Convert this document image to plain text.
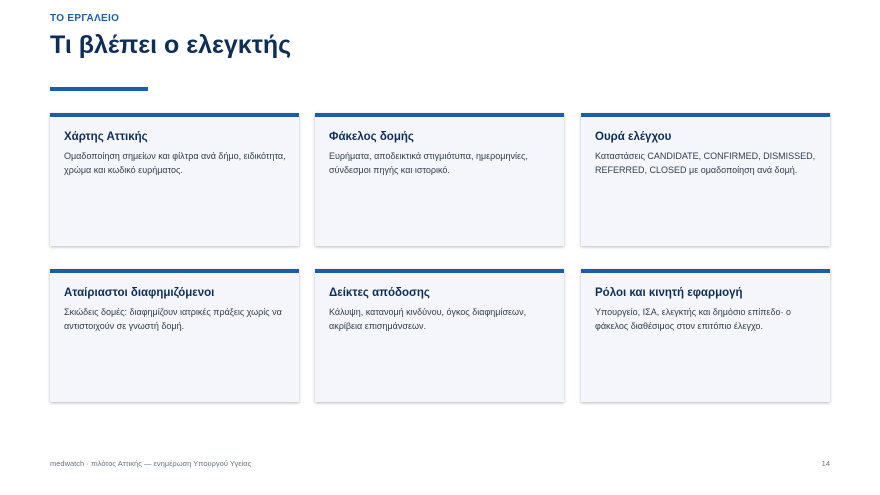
ΤΟ ΕΡΓΑΛΕΙΟ
Τι βλέπει ο ελεγκτής
Χάρτης Αττικής

Ομαδοποίηση σημείων και φίλτρα ανά δήμο, ειδικότητα, χρώμα και κωδικό ευρήματος.

Φάκελος δομής

Ευρήματα, αποδεικτικά στιγμιότυπα, ημερομηνίες, σύνδεσμοι πηγής και ιστορικό.

Ουρά ελέγχου

Καταστάσεις CANDIDATE, CONFIRMED, DISMISSED, REFERRED, CLOSED με ομαδοποίηση ανά δομή.

Αταίριαστοι διαφημιζόμενοι

Σκιώδεις δομές: διαφημίζουν ιατρικές πράξεις χωρίς να αντιστοιχούν σε γνωστή δομή.

Δείκτες απόδοσης

Κάλυψη, κατανομή κινδύνου, όγκος διαφημίσεων, ακρίβεια επισημάνσεων.

Ρόλοι και κινητή εφαρμογή

Υπουργείο, ΙΣΑ, ελεγκτής και δημόσιο επίπεδο· ο φάκελος διαθέσιμος στον επιτόπιο έλεγχο.

medwatch · πιλότος Αττικής — ενημέρωση Υπουργού Υγείας	14
